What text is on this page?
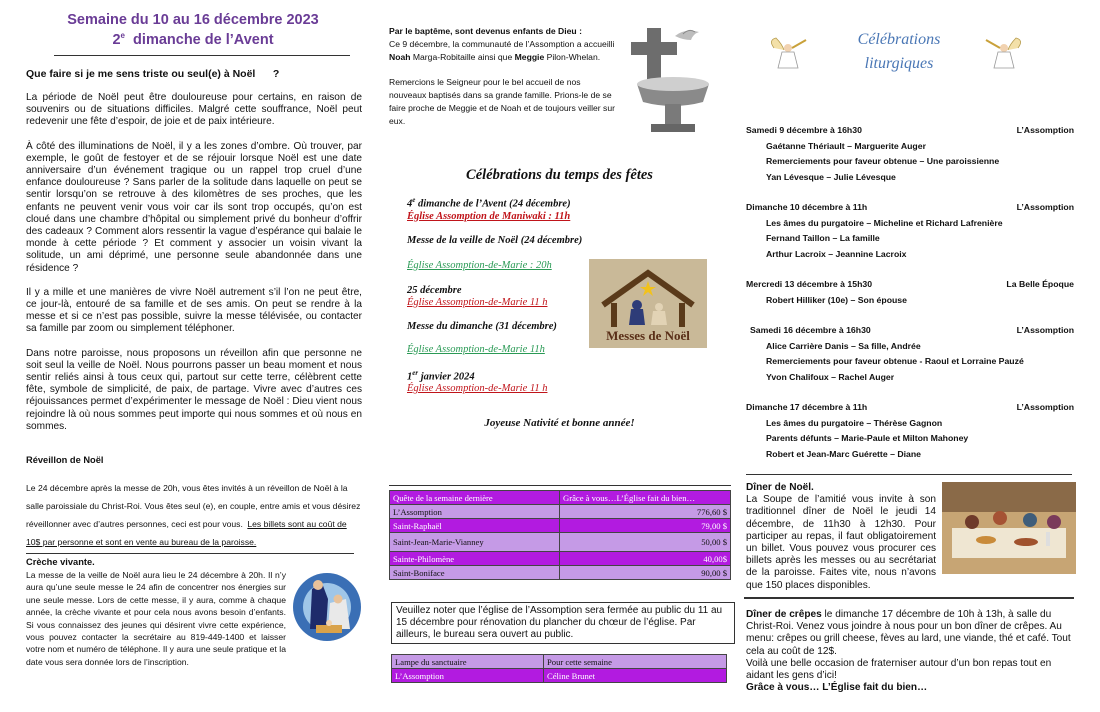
Semaine du 10 au 16 décembre 2023
2e  dimanche de l’Avent
Que faire si je me sens triste ou seul(e) à Noël      ?

La période de Noël peut être douloureuse pour certains, en raison de souvenirs ou de situations difficiles. Malgré cette souffrance, Noël peut redevenir une fête d’espoir, de joie et de paix intérieure.

À côté des illuminations de Noël, il y a les zones d’ombre. Où trouver, par exemple, le goût de festoyer et de se réjouir lorsque Noël est une date anniversaire d’un événement tragique ou un rappel trop cruel d’une enfance douloureuse ? Sans parler de la solitude dans laquelle on peut se sentir lorsqu’on se retrouve à des kilomètres de ses proches, que les enfants ne peuvent venir vous voir car ils sont trop occupés, qu’on est cloué dans une chambre d’hôpital ou simplement privé du bonheur d’offrir des cadeaux ? Comment alors ressentir la vague d’espérance qui balaie le monde à cette période ? Et comment y associer un voisin vivant la solitude, un ami déprimé, une personne seule abandonnée dans une résidence ?

Il y a mille et une manières de vivre Noël autrement s’il l’on ne peut être, ce jour-là, entouré de sa famille et de ses amis. On peut se rendre à la messe et si ce n’est pas possible, suivre la messe télévisée, ou contacter sa famille par zoom ou simplement téléphoner.

Dans notre paroisse, nous proposons un réveillon afin que personne ne soit seul la veille de Noël. Nous pourrons passer un beau moment et nous sentir reliés ainsi à tous ceux qui, partout sur cette terre, célèbrent cette fête, symbole de simplicité, de paix, de partage. Vivre avec d’autres ces réjouissances permet d’expérimenter le message de Noël : Dieu vient nous rejoindre là où nous sommes peut importe qui nous sommes et où nous en sommes.

Réveillon de Noël
Le 24 décembre après la messe de 20h, vous êtes invités à un réveillon de Noël à la salle paroissiale du Christ-Roi. Vous êtes seul (e), en couple, entre amis et vous désirez réveillonner avec d’autres personnes, ceci est pour vous. Les billets sont au coût de 10$ par personne et sont en vente au bureau de la paroisse.
Crèche vivante.

La messe de la veille de Noël aura lieu le 24 décembre à 20h. Il n’y aura qu’une seule messe le 24 afin de concentrer nos énergies sur une seule messe. Lors de cette messe, il y aura, comme à chaque année, la crèche vivante et pour cela nous avons besoin d’enfants. Si vous connaissez des jeunes qui désirent vivre cette expérience, vous pouvez contacter la secrétaire au 819-449-1400 et laisser votre nom et numéro de téléphone. Il y aura une seule pratique et la date vous sera donnée lors de l’inscription.

Par le baptême, sont devenus enfants de Dieu :
Ce 9 décembre, la communauté de l’Assomption a accueilli Noah Marga-Robitaille ainsi que Meggie Pilon-Whelan.
Remercions le Seigneur pour le bel accueil de nos nouveaux baptisés dans sa grande famille. Prions-le de se faire proche de Meggie et de Noah et de toujours veiller sur eux.
Célébrations du temps des fêtes
4e dimanche de l’Avent (24 décembre)
Église Assomption de Maniwaki : 11h
Messe de la veille de Noël (24 décembre)
Église Assomption-de-Marie : 20h
25 décembre
Église Assomption-de-Marie 11 h
Messe du dimanche (31 décembre)
Église Assomption-de-Marie 11h
1er janvier 2024
Église Assomption-de-Marie 11 h
Messes de Noël
Joyeuse Nativité et bonne année!
Quête de la semaine dernière	Grâce à vous…L’Église fait du bien…
L’Assomption	776,60 $
Saint-Raphaël	79,00 $
Saint-Jean-Marie-Vianney	50,00 $
Sainte-Philomène	40,00$
Saint-Boniface	90,00 $
Veuillez noter que l’église de l’Assomption sera fermée au public du 11 au 15 décembre pour rénovation du plancher du chœur de l’église. Par ailleurs, le bureau sera ouvert au public.
Lampe du sanctuaire	Pour cette semaine
L’Assomption	Céline Brunet
Célébrations
liturgiques
Samedi 9 décembre à 16h30	L’Assomption
Gaétanne Thériault – Marguerite Auger
Remerciements pour faveur obtenue – Une paroissienne
Yan Lévesque – Julie Lévesque
Dimanche 10 décembre à 11h	L’Assomption
Les âmes du purgatoire – Micheline et Richard Lafrenière
Fernand Taillon – La famille
Arthur Lacroix – Jeannine Lacroix
Mercredi 13 décembre à 15h30	La Belle Époque
Robert Hilliker (10e) – Son épouse
Samedi 16 décembre à 16h30	L’Assomption
Alice Carrière Danis – Sa fille, Andrée
Remerciements pour faveur obtenue - Raoul et Lorraine Pauzé
Yvon Chalifoux – Rachel Auger
Dimanche 17 décembre à 11h	L’Assomption
Les âmes du purgatoire – Thérèse Gagnon
Parents défunts – Marie-Paule et Milton Mahoney
Robert et Jean-Marc Guérette – Diane
Dîner de Noël.
La Soupe de l’amitié vous invite à son traditionnel dîner de Noël le jeudi 14 décembre, de 11h30 à 12h30. Pour participer au repas, il faut obligatoirement un billet. Vous pouvez vous procurer ces billets après les messes ou au secrétariat de la paroisse. Faites vite, nous n’avons que 150 places disponibles.
Dîner de crêpes le dimanche 17 décembre de 10h à 13h, à salle du Christ-Roi. Venez vous joindre à nous pour un bon dîner de crêpes. Au menu: crêpes ou grill cheese, fèves au lard, une viande, thé et café. Tout cela au coût de 12$.
Voilà une belle occasion de fraterniser autour d’un bon repas tout en aidant les gens d’ici!
Grâce à vous… L’Église fait du bien…
